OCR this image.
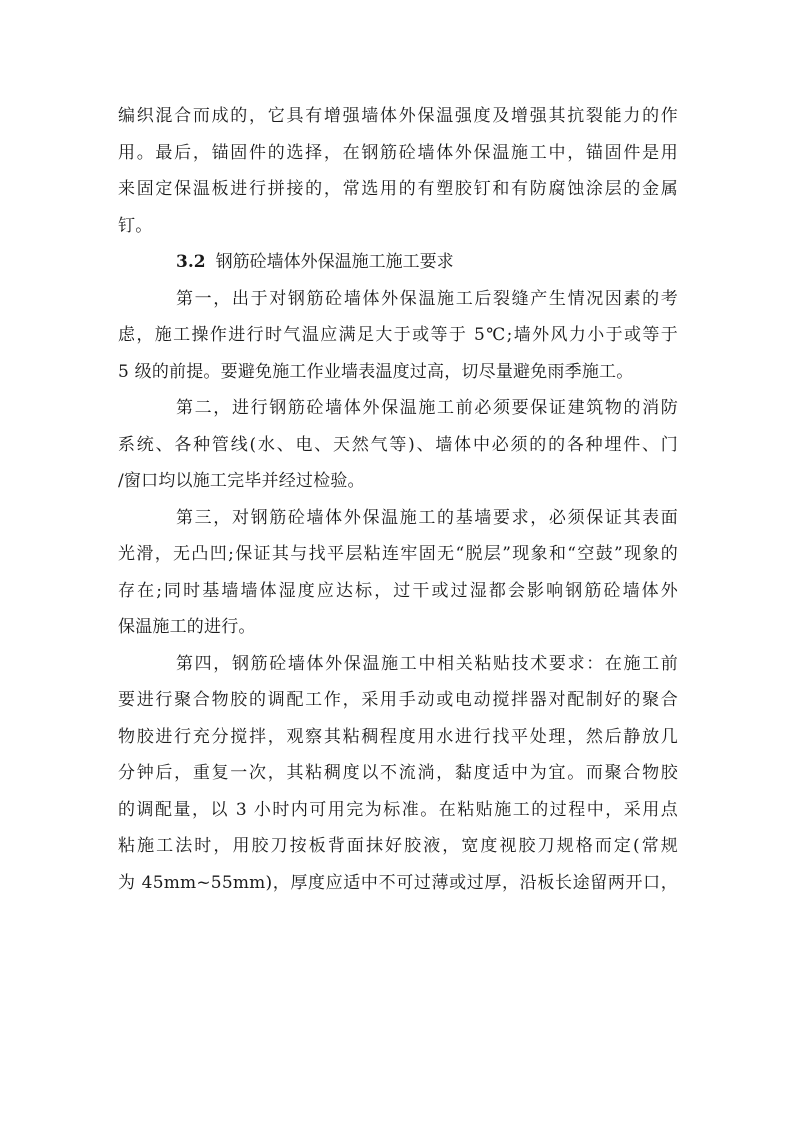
编织混合而成的，它具有增强墙体外保温强度及增强其抗裂能力的作
用。最后，锚固件的选择，在钢筋砼墙体外保温施工中，锚固件是用
来固定保温板进行拼接的，常选用的有塑胶钉和有防腐蚀涂层的金属
钉。
3.2 钢筋砼墙体外保温施工施工要求
第一，出于对钢筋砼墙体外保温施工后裂缝产生情况因素的考
虑，施工操作进行时气温应满足大于或等于 5℃;墙外风力小于或等于
5 级的前提。要避免施工作业墙表温度过高，切尽量避免雨季施工。
第二，进行钢筋砼墙体外保温施工前必须要保证建筑物的消防
系统、各种管线(水、电、天然气等)、墙体中必须的的各种埋件、门
/窗口均以施工完毕并经过检验。
第三，对钢筋砼墙体外保温施工的基墙要求，必须保证其表面
光滑，无凸凹;保证其与找平层粘连牢固无“脱层”现象和“空鼓”现象的
存在;同时基墙墙体湿度应达标，过干或过湿都会影响钢筋砼墙体外
保温施工的进行。
第四，钢筋砼墙体外保温施工中相关粘贴技术要求：在施工前
要进行聚合物胶的调配工作，采用手动或电动搅拌器对配制好的聚合
物胶进行充分搅拌，观察其粘稠程度用水进行找平处理，然后静放几
分钟后，重复一次，其粘稠度以不流淌，黏度适中为宜。而聚合物胶
的调配量，以 3 小时内可用完为标准。在粘贴施工的过程中，采用点
粘施工法时，用胶刀按板背面抹好胶液，宽度视胶刀规格而定(常规
为 45mm~55mm)，厚度应适中不可过薄或过厚，沿板长途留两开口，
